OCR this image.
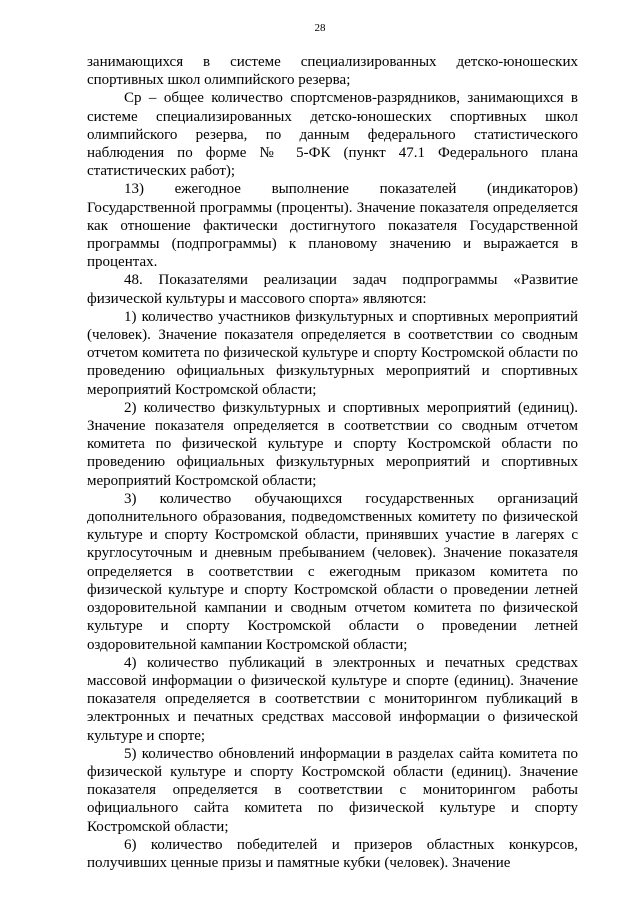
28

занимающихся в системе специализированных детско-юношеских спортивных школ олимпийского резерва;

Ср – общее количество спортсменов-разрядников, занимающихся в системе специализированных детско-юношеских спортивных школ олимпийского резерва, по данным федерального статистического наблюдения по форме № 5-ФК (пункт 47.1 Федерального плана статистических работ);

13) ежегодное выполнение показателей (индикаторов) Государственной программы (проценты). Значение показателя определяется как отношение фактически достигнутого показателя Государственной программы (подпрограммы) к плановому значению и выражается в процентах.

48. Показателями реализации задач подпрограммы «Развитие физической культуры и массового спорта» являются:

1) количество участников физкультурных и спортивных мероприятий (человек). Значение показателя определяется в соответствии со сводным отчетом комитета по физической культуре и спорту Костромской области по проведению официальных физкультурных мероприятий и спортивных мероприятий Костромской области;

2) количество физкультурных и спортивных мероприятий (единиц). Значение показателя определяется в соответствии со сводным отчетом комитета по физической культуре и спорту Костромской области по проведению официальных физкультурных мероприятий и спортивных мероприятий Костромской области;

3) количество обучающихся государственных организаций дополнительного образования, подведомственных комитету по физической культуре и спорту Костромской области, принявших участие в лагерях с круглосуточным и дневным пребыванием (человек). Значение показателя определяется в соответствии с ежегодным приказом комитета по физической культуре и спорту Костромской области о проведении летней оздоровительной кампании и сводным отчетом комитета по физической культуре и спорту Костромской области о проведении летней оздоровительной кампании Костромской области;

4) количество публикаций в электронных и печатных средствах массовой информации о физической культуре и спорте (единиц). Значение показателя определяется в соответствии с мониторингом публикаций в электронных и печатных средствах массовой информации о физической культуре и спорте;

5) количество обновлений информации в разделах сайта комитета по физической культуре и спорту Костромской области (единиц). Значение показателя определяется в соответствии с мониторингом работы официального сайта комитета по физической культуре и спорту Костромской области;

6) количество победителей и призеров областных конкурсов, получивших ценные призы и памятные кубки (человек). Значение
